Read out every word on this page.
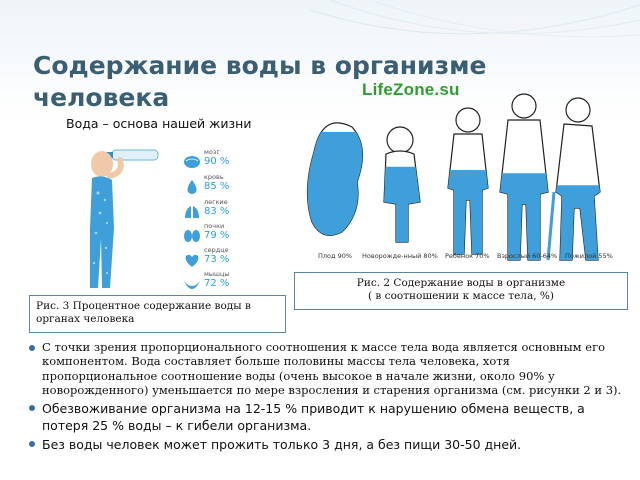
Содержание воды в организме человека	LifeZone.su
Вода – основа нашей жизни
мозг
90 %
кровь
85 %
легкие
83 %
почки
79 %
сердце
73 %
мышцы
72 %
Плод 90% Новорожде-нный 80% Ребенок 70% Взрослый 60-64% Пожилой 55%
Рис. 2 Содержание воды в организме
( в соотношении к массе тела, %)
Рис. 3 Процентное содержание воды в органах человека
С точки зрения пропорционального соотношения к массе тела вода является основным его компонентом. Вода составляет больше половины массы тела человека, хотя пропорциональное соотношение воды (очень высокое в начале жизни, около 90% у новорожденного) уменьшается по мере взросления и старения организма (см. рисунки 2 и 3).
Обезвоживание организма на 12-15 % приводит к нарушению обмена веществ, а потеря 25 % воды – к гибели организма.
Без воды человек может прожить только 3 дня, а без пищи 30-50 дней.
